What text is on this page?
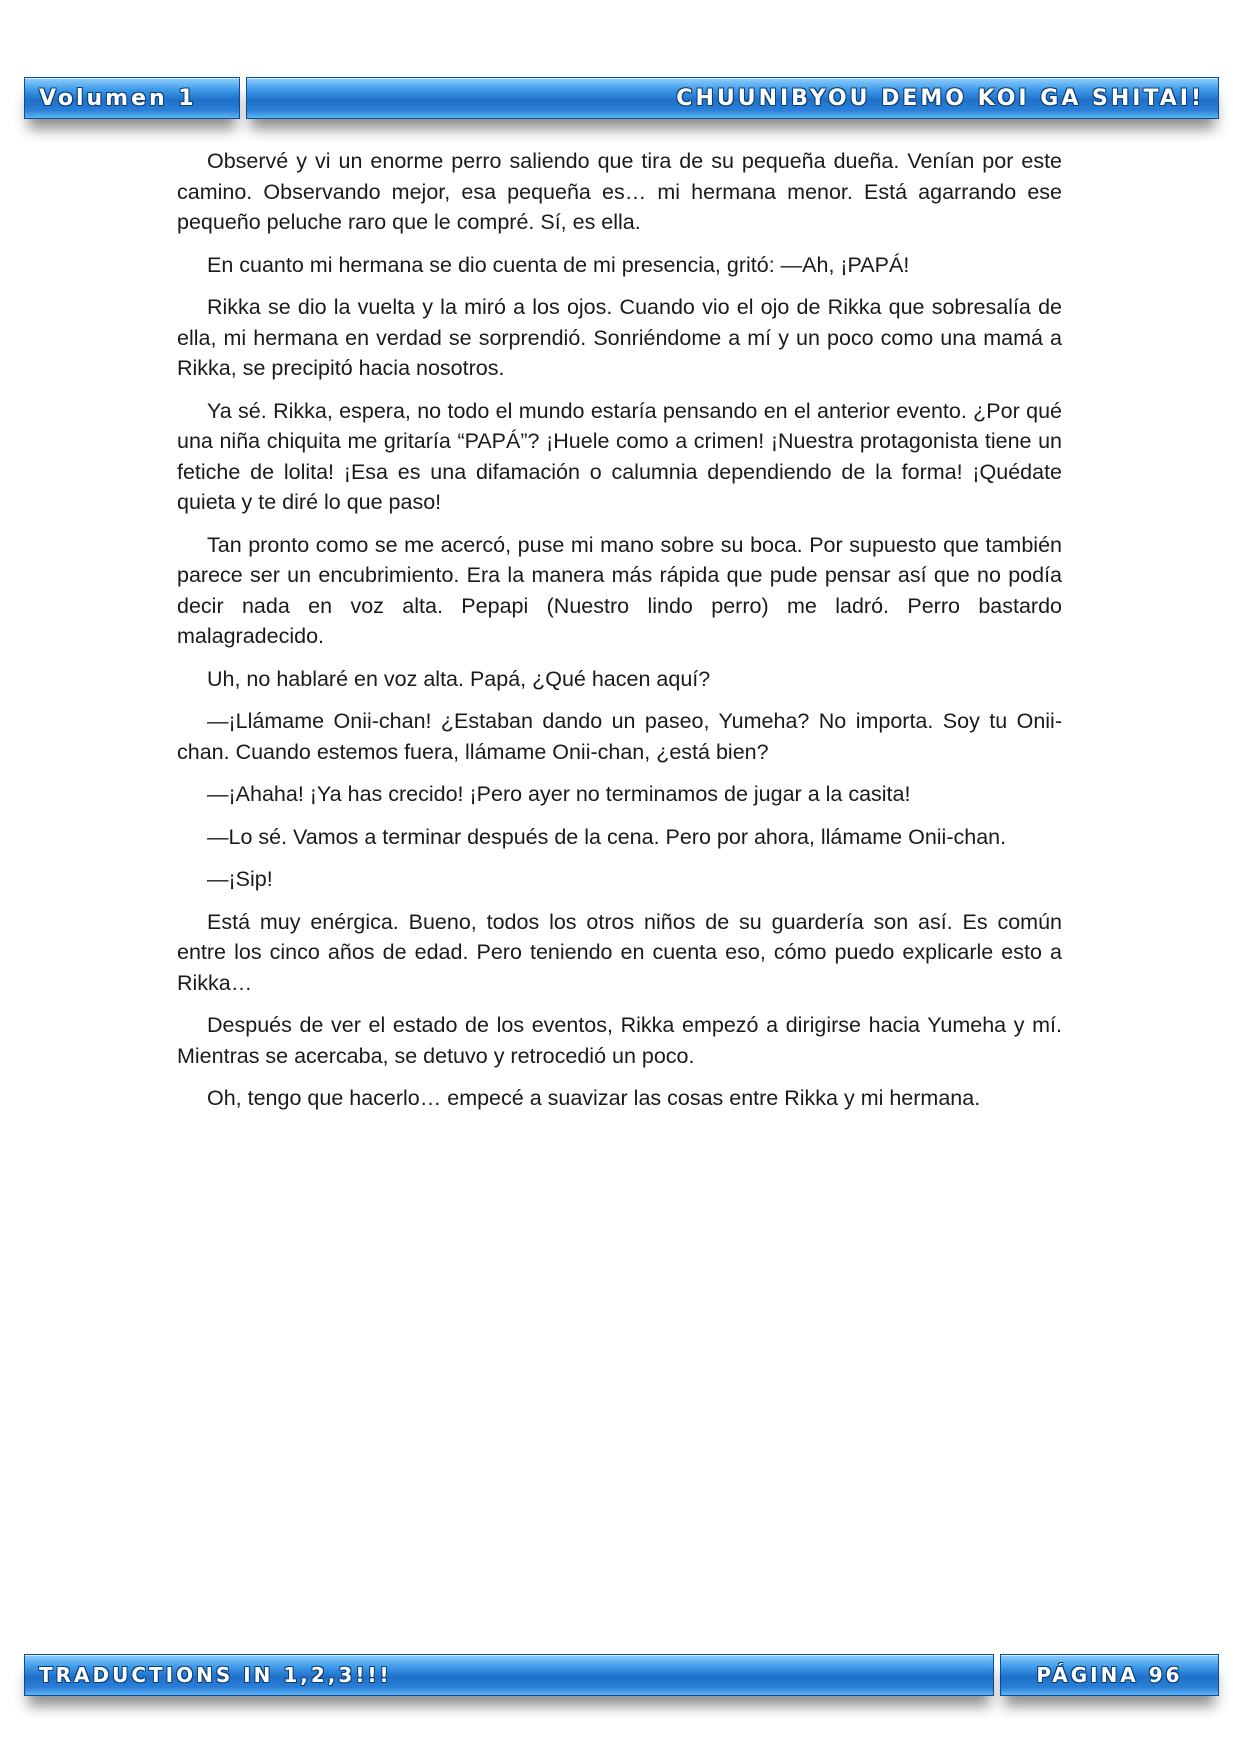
Volumen 1	CHUUNIBYOU DEMO KOI GA SHITAI!

Observé y vi un enorme perro saliendo que tira de su pequeña dueña. Venían por este camino. Observando mejor, esa pequeña es… mi hermana menor. Está agarrando ese pequeño peluche raro que le compré. Sí, es ella.

En cuanto mi hermana se dio cuenta de mi presencia, gritó: —Ah, ¡PAPÁ!

Rikka se dio la vuelta y la miró a los ojos. Cuando vio el ojo de Rikka que sobresalía de ella, mi hermana en verdad se sorprendió. Sonriéndome a mí y un poco como una mamá a Rikka, se precipitó hacia nosotros.

Ya sé. Rikka, espera, no todo el mundo estaría pensando en el anterior evento. ¿Por qué una niña chiquita me gritaría “PAPÁ”? ¡Huele como a crimen! ¡Nuestra protagonista tiene un fetiche de lolita! ¡Esa es una difamación o calumnia dependiendo de la forma! ¡Quédate quieta y te diré lo que paso!

Tan pronto como se me acercó, puse mi mano sobre su boca. Por supuesto que también parece ser un encubrimiento. Era la manera más rápida que pude pensar así que no podía decir nada en voz alta. Pepapi (Nuestro lindo perro) me ladró. Perro bastardo malagradecido.

Uh, no hablaré en voz alta. Papá, ¿Qué hacen aquí?

—¡Llámame Onii-chan! ¿Estaban dando un paseo, Yumeha? No importa. Soy tu Onii-chan. Cuando estemos fuera, llámame Onii-chan, ¿está bien?

—¡Ahaha! ¡Ya has crecido! ¡Pero ayer no terminamos de jugar a la casita!

—Lo sé. Vamos a terminar después de la cena. Pero por ahora, llámame Onii-chan.

—¡Sip!

Está muy enérgica. Bueno, todos los otros niños de su guardería son así. Es común entre los cinco años de edad. Pero teniendo en cuenta eso, cómo puedo explicarle esto a Rikka…

Después de ver el estado de los eventos, Rikka empezó a dirigirse hacia Yumeha y mí. Mientras se acercaba, se detuvo y retrocedió un poco.

Oh, tengo que hacerlo… empecé a suavizar las cosas entre Rikka y mi hermana.

TRADUCTIONS IN 1,2,3!!!	PÁGINA 96
